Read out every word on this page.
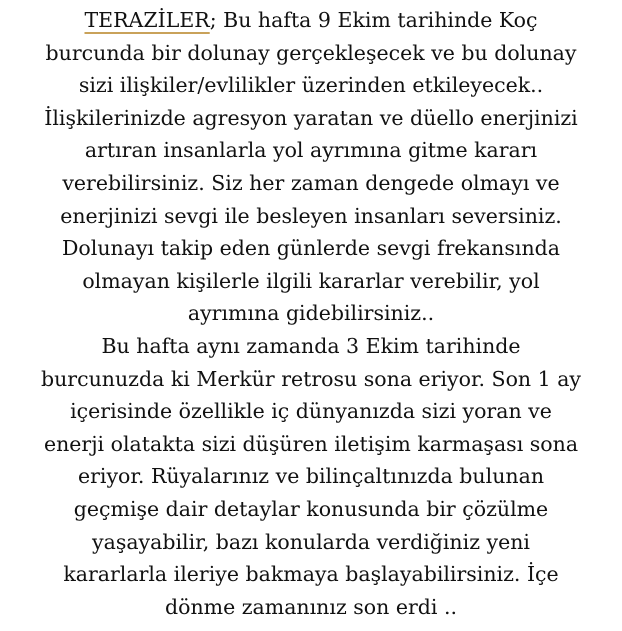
TERAZİLER; Bu hafta 9 Ekim tarihinde Koç
burcunda bir dolunay gerçekleşecek ve bu dolunay
sizi ilişkiler/evlilikler üzerinden etkileyecek..
İlişkilerinizde agresyon yaratan ve düello enerjinizi
artıran insanlarla yol ayrımına gitme kararı
verebilirsiniz. Siz her zaman dengede olmayı ve
enerjinizi sevgi ile besleyen insanları seversiniz.
Dolunayı takip eden günlerde sevgi frekansında
olmayan kişilerle ilgili kararlar verebilir, yol
ayrımına gidebilirsiniz..
Bu hafta aynı zamanda 3 Ekim tarihinde
burcunuzda ki Merkür retrosu sona eriyor. Son 1 ay
içerisinde özellikle iç dünyanızda sizi yoran ve
enerji olatakta sizi düşüren iletişim karmaşası sona
eriyor. Rüyalarınız ve bilinçaltınızda bulunan
geçmişe dair detaylar konusunda bir çözülme
yaşayabilir, bazı konularda verdiğiniz yeni
kararlarla ileriye bakmaya başlayabilirsiniz. İçe
dönme zamanınız son erdi ..
